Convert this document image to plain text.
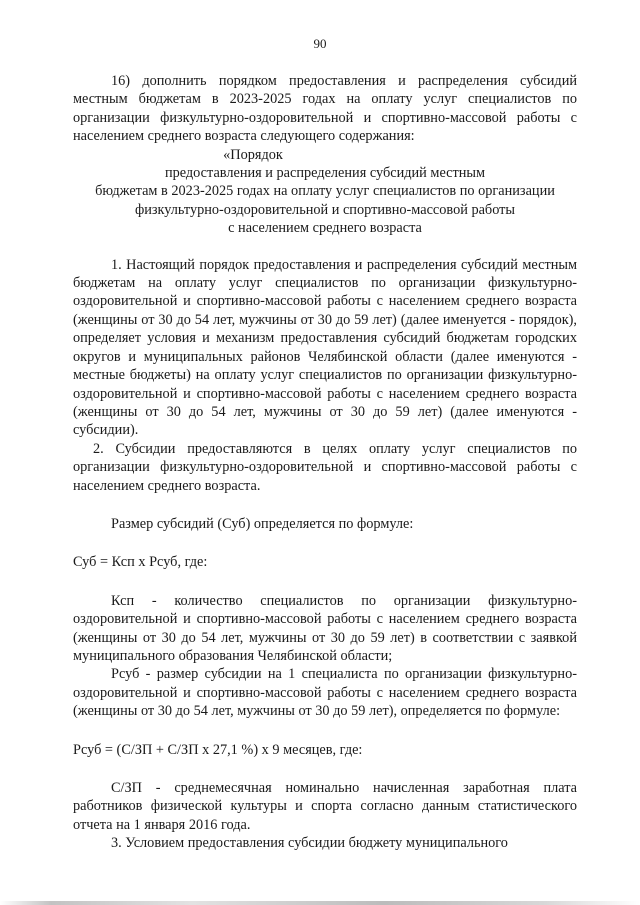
90

16) дополнить порядком предоставления и распределения субсидий местным бюджетам в 2023-2025 годах на оплату услуг специалистов по организации физкультурно-оздоровительной и спортивно-массовой работы с населением среднего возраста следующего содержания:

«Порядок
предоставления и распределения субсидий местным
бюджетам в 2023-2025 годах на оплату услуг специалистов по организации
физкультурно-оздоровительной и спортивно-массовой работы
с населением среднего возраста

1. Настоящий порядок предоставления и распределения субсидий местным бюджетам на оплату услуг специалистов по организации физкультурно-оздоровительной и спортивно-массовой работы с населением среднего возраста (женщины от 30 до 54 лет, мужчины от 30 до 59 лет) (далее именуется - порядок), определяет условия и механизм предоставления субсидий бюджетам городских округов и муниципальных районов Челябинской области (далее именуются - местные бюджеты) на оплату услуг специалистов по организации физкультурно-оздоровительной и спортивно-массовой работы с населением среднего возраста (женщины от 30 до 54 лет, мужчины от 30 до 59 лет) (далее именуются - субсидии).

2. Субсидии предоставляются в целях оплату услуг специалистов по организации физкультурно-оздоровительной и спортивно-массовой работы с населением среднего возраста.

Размер субсидий (Суб) определяется по формуле:

Суб = Ксп х Рсуб, где:

Ксп - количество специалистов по организации физкультурно-оздоровительной и спортивно-массовой работы с населением среднего возраста (женщины от 30 до 54 лет, мужчины от 30 до 59 лет) в соответствии с заявкой муниципального образования Челябинской области;

Рсуб - размер субсидии на 1 специалиста по организации физкультурно-оздоровительной и спортивно-массовой работы с населением среднего возраста (женщины от 30 до 54 лет, мужчины от 30 до 59 лет), определяется по формуле:

Рсуб = (С/ЗП + С/ЗП х 27,1 %) х 9 месяцев, где:

С/ЗП - среднемесячная номинально начисленная заработная плата работников физической культуры и спорта согласно данным статистического отчета на 1 января 2016 года.

3. Условием предоставления субсидии бюджету муниципального
